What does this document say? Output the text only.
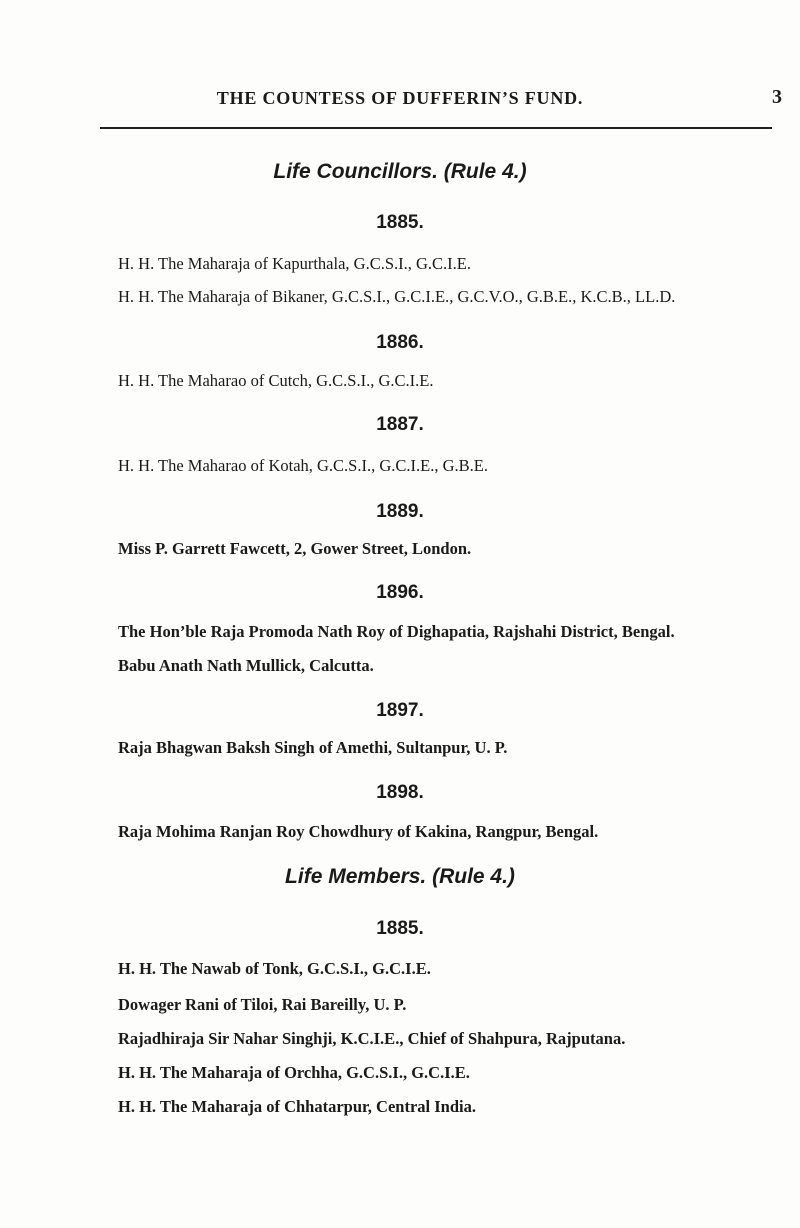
THE COUNTESS OF DUFFERIN’S FUND.	3
Life Councillors. (Rule 4.)
1885.
H. H. The Maharaja of Kapurthala, G.C.S.I., G.C.I.E.
H. H. The Maharaja of Bikaner, G.C.S.I., G.C.I.E., G.C.V.O., G.B.E., K.C.B., LL.D.
1886.
H. H. The Maharao of Cutch, G.C.S.I., G.C.I.E.
1887.
H. H. The Maharao of Kotah, G.C.S.I., G.C.I.E., G.B.E.
1889.
Miss P. Garrett Fawcett, 2, Gower Street, London.
1896.
The Hon’ble Raja Promoda Nath Roy of Dighapatia, Rajshahi District, Bengal.
Babu Anath Nath Mullick, Calcutta.
1897.
Raja Bhagwan Baksh Singh of Amethi, Sultanpur, U. P.
1898.
Raja Mohima Ranjan Roy Chowdhury of Kakina, Rangpur, Bengal.
Life Members. (Rule 4.)
1885.
H. H. The Nawab of Tonk, G.C.S.I., G.C.I.E.
Dowager Rani of Tiloi, Rai Bareilly, U. P.
Rajadhiraja Sir Nahar Singhji, K.C.I.E., Chief of Shahpura, Rajputana.
H. H. The Maharaja of Orchha, G.C.S.I., G.C.I.E.
H. H. The Maharaja of Chhatarpur, Central India.
